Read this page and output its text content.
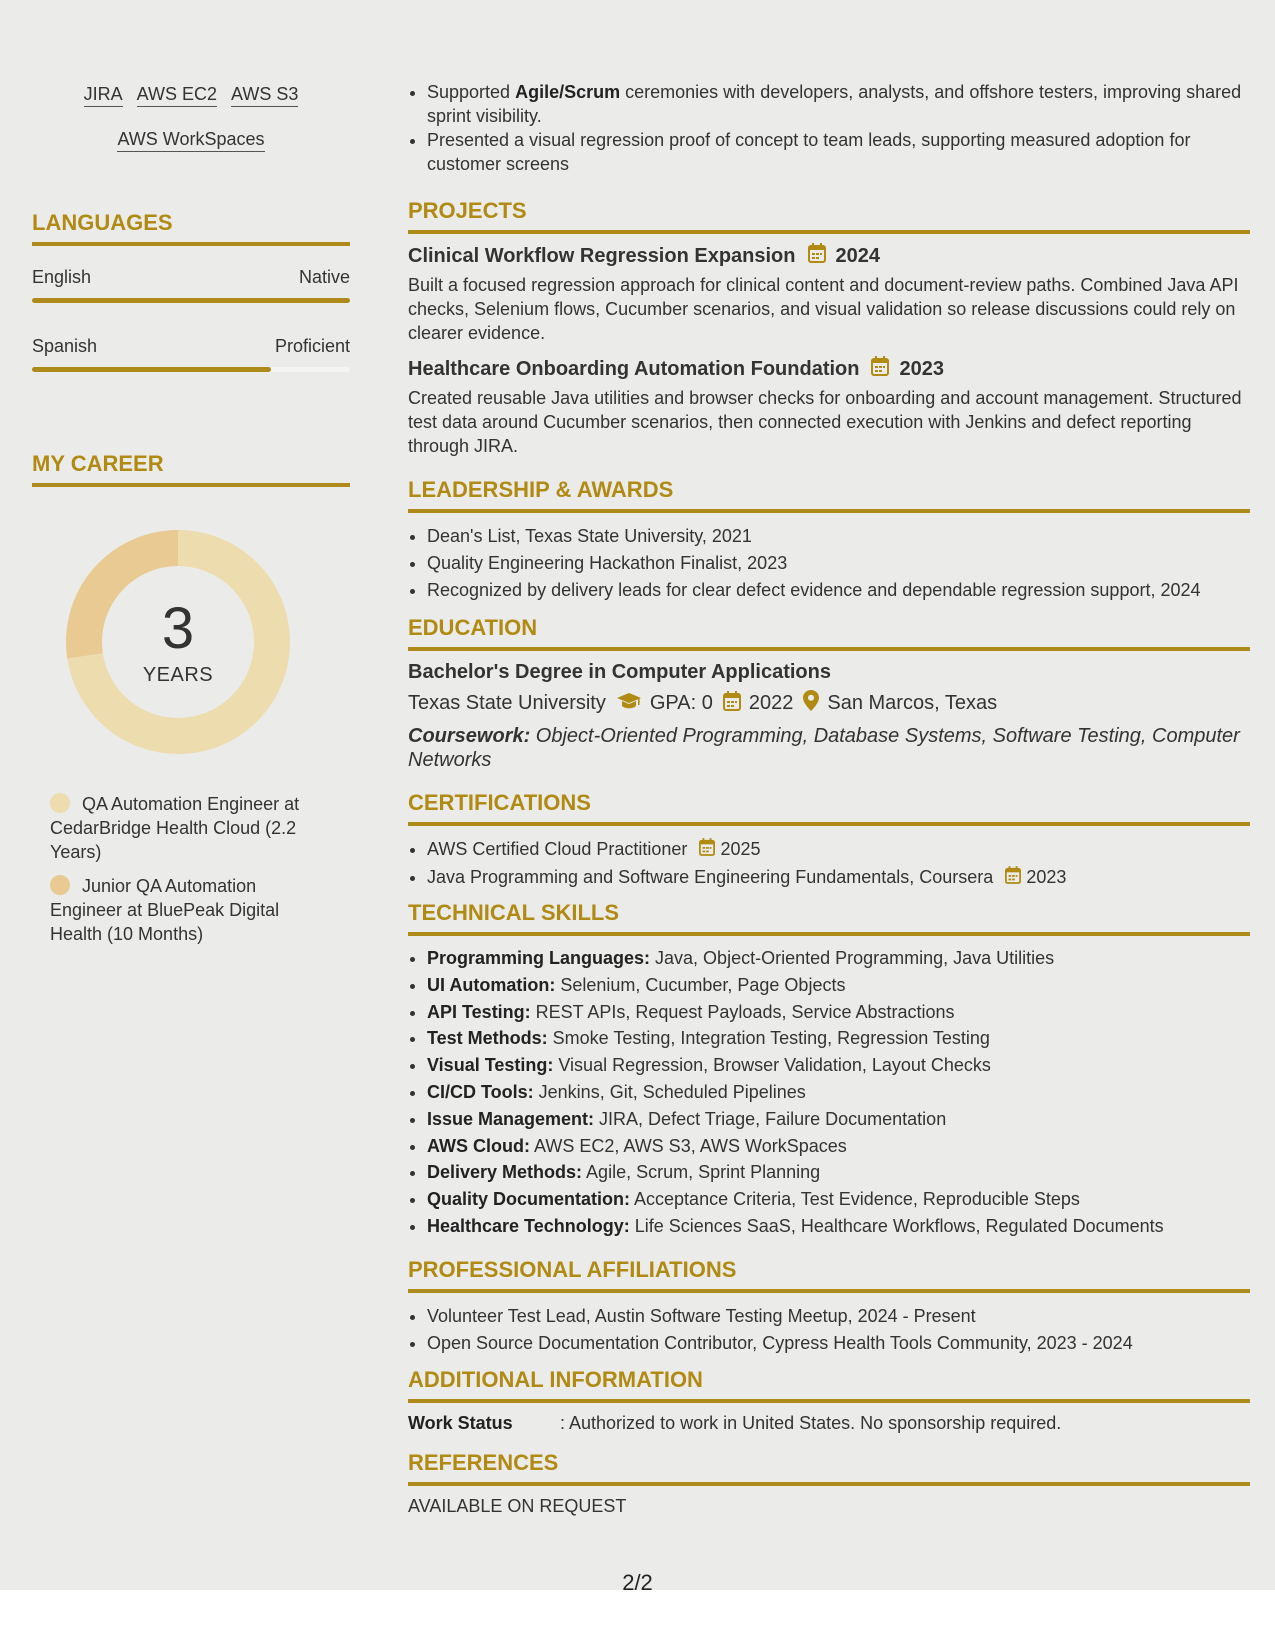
JIRA AWS EC2 AWS S3
AWS WorkSpaces
LANGUAGES
English	Native
Spanish	Proficient
MY CAREER
3
YEARS
QA Automation Engineer at CedarBridge Health Cloud (2.2 Years)
Junior QA Automation Engineer at BluePeak Digital Health (10 Months)
• Supported Agile/Scrum ceremonies with developers, analysts, and offshore testers, improving shared sprint visibility.
• Presented a visual regression proof of concept to team leads, supporting measured adoption for customer screens
PROJECTS
Clinical Workflow Regression Expansion 2024

Built a focused regression approach for clinical content and document-review paths. Combined Java API checks, Selenium flows, Cucumber scenarios, and visual validation so release discussions could rely on clearer evidence.

Healthcare Onboarding Automation Foundation 2023

Created reusable Java utilities and browser checks for onboarding and account management. Structured test data around Cucumber scenarios, then connected execution with Jenkins and defect reporting through JIRA.

LEADERSHIP & AWARDS
• Dean's List, Texas State University, 2021
• Quality Engineering Hackathon Finalist, 2023
• Recognized by delivery leads for clear defect evidence and dependable regression support, 2024
EDUCATION
Bachelor's Degree in Computer Applications
Texas State University GPA: 0 2022 San Marcos, Texas
Coursework: Object-Oriented Programming, Database Systems, Software Testing, Computer Networks
CERTIFICATIONS
• AWS Certified Cloud Practitioner 2025
• Java Programming and Software Engineering Fundamentals, Coursera 2023
TECHNICAL SKILLS
• Programming Languages: Java, Object-Oriented Programming, Java Utilities
• UI Automation: Selenium, Cucumber, Page Objects
• API Testing: REST APIs, Request Payloads, Service Abstractions
• Test Methods: Smoke Testing, Integration Testing, Regression Testing
• Visual Testing: Visual Regression, Browser Validation, Layout Checks
• CI/CD Tools: Jenkins, Git, Scheduled Pipelines
• Issue Management: JIRA, Defect Triage, Failure Documentation
• AWS Cloud: AWS EC2, AWS S3, AWS WorkSpaces
• Delivery Methods: Agile, Scrum, Sprint Planning
• Quality Documentation: Acceptance Criteria, Test Evidence, Reproducible Steps
• Healthcare Technology: Life Sciences SaaS, Healthcare Workflows, Regulated Documents
PROFESSIONAL AFFILIATIONS
• Volunteer Test Lead, Austin Software Testing Meetup, 2024 - Present
• Open Source Documentation Contributor, Cypress Health Tools Community, 2023 - 2024
ADDITIONAL INFORMATION
Work Status	: Authorized to work in United States. No sponsorship required.
REFERENCES
AVAILABLE ON REQUEST
2/2
